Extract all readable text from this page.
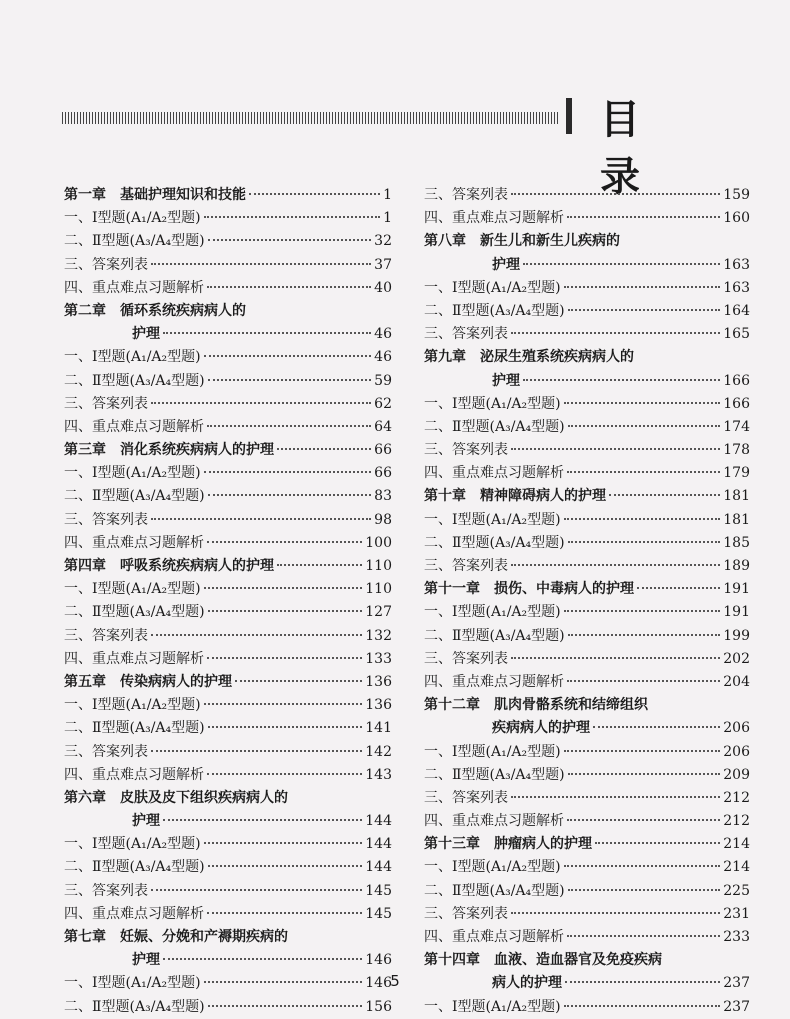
目 录
第一章 基础护理知识和技能	1
一、Ⅰ型题(A₁/A₂型题)	1
二、Ⅱ型题(A₃/A₄型题)	32
三、答案列表	37
四、重点难点习题解析	40
第二章 循环系统疾病病人的
护理	46
一、Ⅰ型题(A₁/A₂型题)	46
二、Ⅱ型题(A₃/A₄型题)	59
三、答案列表	62
四、重点难点习题解析	64
第三章 消化系统疾病病人的护理	66
一、Ⅰ型题(A₁/A₂型题)	66
二、Ⅱ型题(A₃/A₄型题)	83
三、答案列表	98
四、重点难点习题解析	100
第四章 呼吸系统疾病病人的护理	110
一、Ⅰ型题(A₁/A₂型题)	110
二、Ⅱ型题(A₃/A₄型题)	127
三、答案列表	132
四、重点难点习题解析	133
第五章 传染病病人的护理	136
一、Ⅰ型题(A₁/A₂型题)	136
二、Ⅱ型题(A₃/A₄型题)	141
三、答案列表	142
四、重点难点习题解析	143
第六章 皮肤及皮下组织疾病病人的
护理	144
一、Ⅰ型题(A₁/A₂型题)	144
二、Ⅱ型题(A₃/A₄型题)	144
三、答案列表	145
四、重点难点习题解析	145
第七章 妊娠、分娩和产褥期疾病的
护理	146
一、Ⅰ型题(A₁/A₂型题)	146
二、Ⅱ型题(A₃/A₄型题)	156
三、答案列表	159
四、重点难点习题解析	160
第八章 新生儿和新生儿疾病的
护理	163
一、Ⅰ型题(A₁/A₂型题)	163
二、Ⅱ型题(A₃/A₄型题)	164
三、答案列表	165
第九章 泌尿生殖系统疾病病人的
护理	166
一、Ⅰ型题(A₁/A₂型题)	166
二、Ⅱ型题(A₃/A₄型题)	174
三、答案列表	178
四、重点难点习题解析	179
第十章 精神障碍病人的护理	181
一、Ⅰ型题(A₁/A₂型题)	181
二、Ⅱ型题(A₃/A₄型题)	185
三、答案列表	189
第十一章 损伤、中毒病人的护理	191
一、Ⅰ型题(A₁/A₂型题)	191
二、Ⅱ型题(A₃/A₄型题)	199
三、答案列表	202
四、重点难点习题解析	204
第十二章 肌肉骨骼系统和结缔组织
疾病病人的护理	206
一、Ⅰ型题(A₁/A₂型题)	206
二、Ⅱ型题(A₃/A₄型题)	209
三、答案列表	212
四、重点难点习题解析	212
第十三章 肿瘤病人的护理	214
一、Ⅰ型题(A₁/A₂型题)	214
二、Ⅱ型题(A₃/A₄型题)	225
三、答案列表	231
四、重点难点习题解析	233
第十四章 血液、造血器官及免疫疾病
病人的护理	237
一、Ⅰ型题(A₁/A₂型题)	237
5
